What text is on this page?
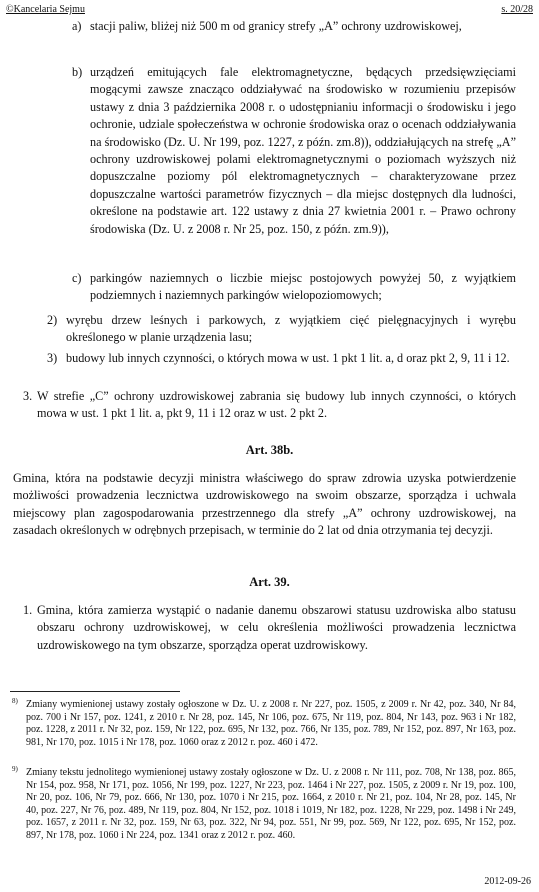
©Kancelaria Sejmu	s. 20/28
a) stacji paliw, bliżej niż 500 m od granicy strefy „A” ochrony uzdrowiskowej,
b) urządzeń emitujących fale elektromagnetyczne, będących przedsięwzięciami mogącymi zawsze znacząco oddziaływać na środowisko w rozumieniu przepisów ustawy z dnia 3 października 2008 r. o udostępnianiu informacji o środowisku i jego ochronie, udziale społeczeństwa w ochronie środowiska oraz o ocenach oddziaływania na środowisko (Dz. U. Nr 199, poz. 1227, z późn. zm.8)), oddziałujących na strefę „A” ochrony uzdrowiskowej polami elektromagnetycznymi o poziomach wyższych niż dopuszczalne poziomy pól elektromagnetycznych – charakteryzowane przez dopuszczalne wartości parametrów fizycznych – dla miejsc dostępnych dla ludności, określone na podstawie art. 122 ustawy z dnia 27 kwietnia 2001 r. – Prawo ochrony środowiska (Dz. U. z 2008 r. Nr 25, poz. 150, z późn. zm.9)),
c) parkingów naziemnych o liczbie miejsc postojowych powyżej 50, z wyjątkiem podziemnych i naziemnych parkingów wielopoziomowych;
2) wyrębu drzew leśnych i parkowych, z wyjątkiem cięć pielęgnacyjnych i wyrębu określonego w planie urządzenia lasu;
3) budowy lub innych czynności, o których mowa w ust. 1 pkt 1 lit. a, d oraz pkt 2, 9, 11 i 12.
3. W strefie „C” ochrony uzdrowiskowej zabrania się budowy lub innych czynności, o których mowa w ust. 1 pkt 1 lit. a, pkt 9, 11 i 12 oraz w ust. 2 pkt 2.
Art. 38b.
Gmina, która na podstawie decyzji ministra właściwego do spraw zdrowia uzyska potwierdzenie możliwości prowadzenia lecznictwa uzdrowiskowego na swoim obszarze, sporządza i uchwala miejscowy plan zagospodarowania przestrzennego dla strefy „A” ochrony uzdrowiskowej, na zasadach określonych w odrębnych przepisach, w terminie do 2 lat od dnia otrzymania tej decyzji.
Art. 39.
1. Gmina, która zamierza wystąpić o nadanie danemu obszarowi statusu uzdrowiska albo statusu obszaru ochrony uzdrowiskowej, w celu określenia możliwości prowadzenia lecznictwa uzdrowiskowego na tym obszarze, sporządza operat uzdrowiskowy.
8) Zmiany wymienionej ustawy zostały ogłoszone w Dz. U. z 2008 r. Nr 227, poz. 1505, z 2009 r. Nr 42, poz. 340, Nr 84, poz. 700 i Nr 157, poz. 1241, z 2010 r. Nr 28, poz. 145, Nr 106, poz. 675, Nr 119, poz. 804, Nr 143, poz. 963 i Nr 182, poz. 1228, z 2011 r. Nr 32, poz. 159, Nr 122, poz. 695, Nr 132, poz. 766, Nr 135, poz. 789, Nr 152, poz. 897, Nr 163, poz. 981, Nr 170, poz. 1015 i Nr 178, poz. 1060 oraz z 2012 r. poz. 460 i 472.
9) Zmiany tekstu jednolitego wymienionej ustawy zostały ogłoszone w Dz. U. z 2008 r. Nr 111, poz. 708, Nr 138, poz. 865, Nr 154, poz. 958, Nr 171, poz. 1056, Nr 199, poz. 1227, Nr 223, poz. 1464 i Nr 227, poz. 1505, z 2009 r. Nr 19, poz. 100, Nr 20, poz. 106, Nr 79, poz. 666, Nr 130, poz. 1070 i Nr 215, poz. 1664, z 2010 r. Nr 21, poz. 104, Nr 28, poz. 145, Nr 40, poz. 227, Nr 76, poz. 489, Nr 119, poz. 804, Nr 152, poz. 1018 i 1019, Nr 182, poz. 1228, Nr 229, poz. 1498 i Nr 249, poz. 1657, z 2011 r. Nr 32, poz. 159, Nr 63, poz. 322, Nr 94, poz. 551, Nr 99, poz. 569, Nr 122, poz. 695, Nr 152, poz. 897, Nr 178, poz. 1060 i Nr 224, poz. 1341 oraz z 2012 r. poz. 460.
2012-09-26
